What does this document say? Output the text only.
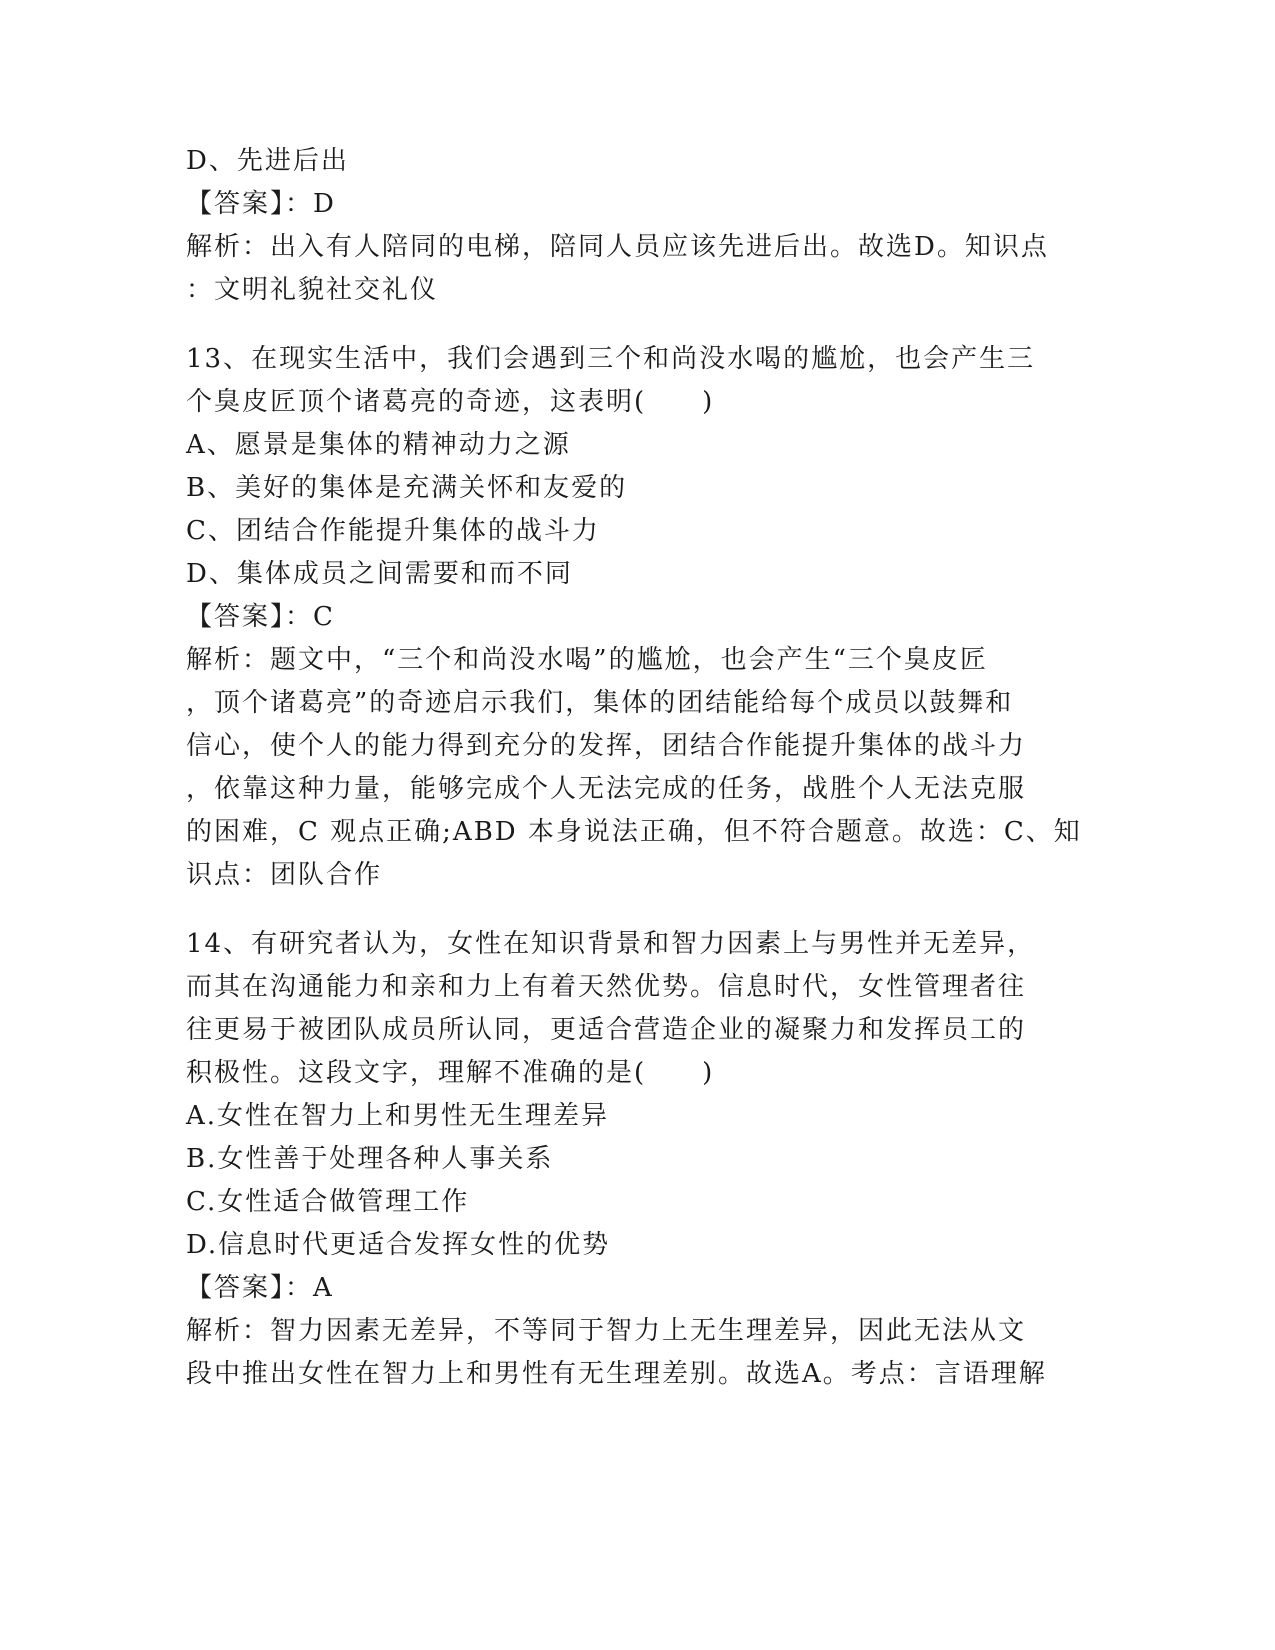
D、先进后出
【答案】：D
解析：出入有人陪同的电梯，陪同人员应该先进后出。故选D。知识点
：文明礼貌社交礼仪
13、在现实生活中，我们会遇到三个和尚没水喝的尴尬，也会产生三
个臭皮匠顶个诸葛亮的奇迹，这表明(　　)
A、愿景是集体的精神动力之源
B、美好的集体是充满关怀和友爱的
C、团结合作能提升集体的战斗力
D、集体成员之间需要和而不同
【答案】：C
解析：题文中，“三个和尚没水喝”的尴尬，也会产生“三个臭皮匠
，顶个诸葛亮”的奇迹启示我们，集体的团结能给每个成员以鼓舞和
信心，使个人的能力得到充分的发挥，团结合作能提升集体的战斗力
，依靠这种力量，能够完成个人无法完成的任务，战胜个人无法克服
的困难，C 观点正确;ABD 本身说法正确，但不符合题意。故选：C、知
识点：团队合作
14、有研究者认为，女性在知识背景和智力因素上与男性并无差异，
而其在沟通能力和亲和力上有着天然优势。信息时代，女性管理者往
往更易于被团队成员所认同，更适合营造企业的凝聚力和发挥员工的
积极性。这段文字，理解不准确的是(　　)
A.女性在智力上和男性无生理差异
B.女性善于处理各种人事关系
C.女性适合做管理工作
D.信息时代更适合发挥女性的优势
【答案】：A
解析：智力因素无差异，不等同于智力上无生理差异，因此无法从文
段中推出女性在智力上和男性有无生理差别。故选A。考点：言语理解
